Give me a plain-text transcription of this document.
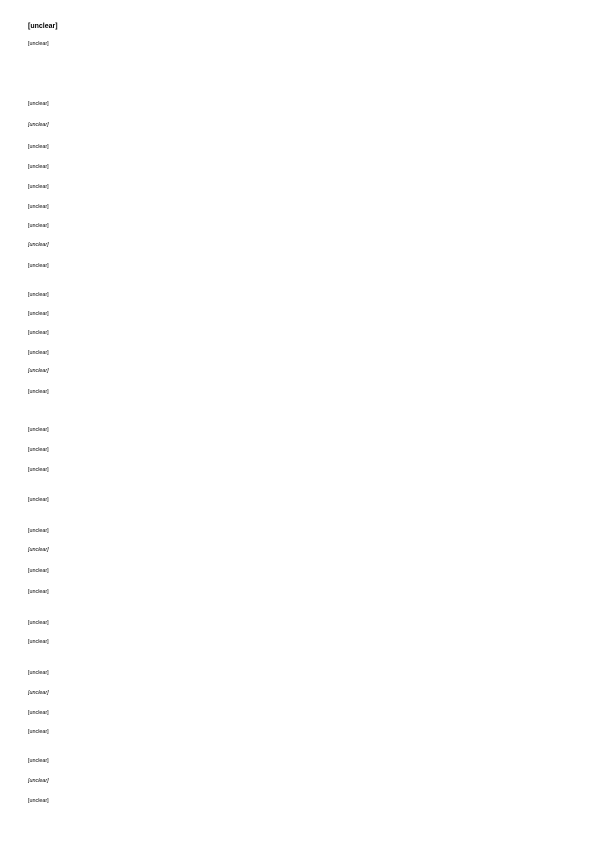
[unclear]
[unclear]
[unclear]
[unclear]
[unclear]
[unclear]
[unclear]
[unclear]
[unclear]
[unclear]
[unclear]
[unclear]
[unclear]
[unclear]
[unclear]
[unclear]
[unclear]
[unclear]
[unclear]
[unclear]
[unclear]
[unclear]
[unclear]
[unclear]
[unclear]
[unclear]
[unclear]
[unclear]
[unclear]
[unclear]
[unclear]
[unclear]
[unclear]
[unclear]
